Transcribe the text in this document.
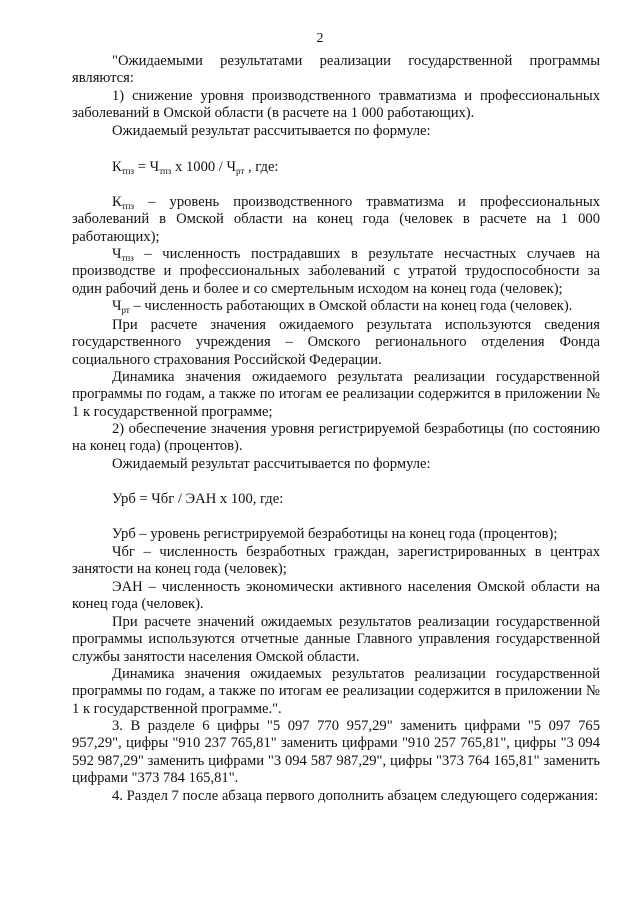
2

"Ожидаемыми результатами реализации государственной программы являются:

1) снижение уровня производственного травматизма и профессиональных заболеваний в Омской области (в расчете на 1 000 работающих).

Ожидаемый результат рассчитывается по формуле:

$К_{тпз} = Ч_{тпз}$ х $1000 / Ч_{рт}$ , где:

$К_{тпз}$ – уровень производственного травматизма и профессиональных заболеваний в Омской области на конец года (человек в расчете на 1 000 работающих);

$Ч_{тпз}$ – численность пострадавших в результате несчастных случаев на производстве и профессиональных заболеваний с утратой трудоспособности за один рабочий день и более и со смертельным исходом на конец года (человек);

$Ч_{рт}$ – численность работающих в Омской области на конец года (человек).

При расчете значения ожидаемого результата используются сведения государственного учреждения – Омского регионального отделения Фонда социального страхования Российской Федерации.

Динамика значения ожидаемого результата реализации государственной программы по годам, а также по итогам ее реализации содержится в приложении № 1 к государственной программе;

2) обеспечение значения уровня регистрируемой безработицы (по состоянию на конец года) (процентов).

Ожидаемый результат рассчитывается по формуле:

Урб = Чбг / ЭАН х 100, где:

Урб – уровень регистрируемой безработицы на конец года (процентов);

Чбг – численность безработных граждан, зарегистрированных в центрах занятости на конец года (человек);

ЭАН – численность экономически активного населения Омской области на конец года (человек).

При расчете значений ожидаемых результатов реализации государственной программы используются отчетные данные Главного управления государственной службы занятости населения Омской области.

Динамика значения ожидаемых результатов реализации государственной программы по годам, а также по итогам ее реализации содержится в приложении № 1 к государственной программе.".

3. В разделе 6 цифры "5 097 770 957,29" заменить цифрами "5 097 765 957,29", цифры "910 237 765,81" заменить цифрами "910 257 765,81", цифры "3 094 592 987,29" заменить цифрами "3 094 587 987,29", цифры "373 764 165,81" заменить цифрами "373 784 165,81".

4. Раздел 7 после абзаца первого дополнить абзацем следующего содержания:
